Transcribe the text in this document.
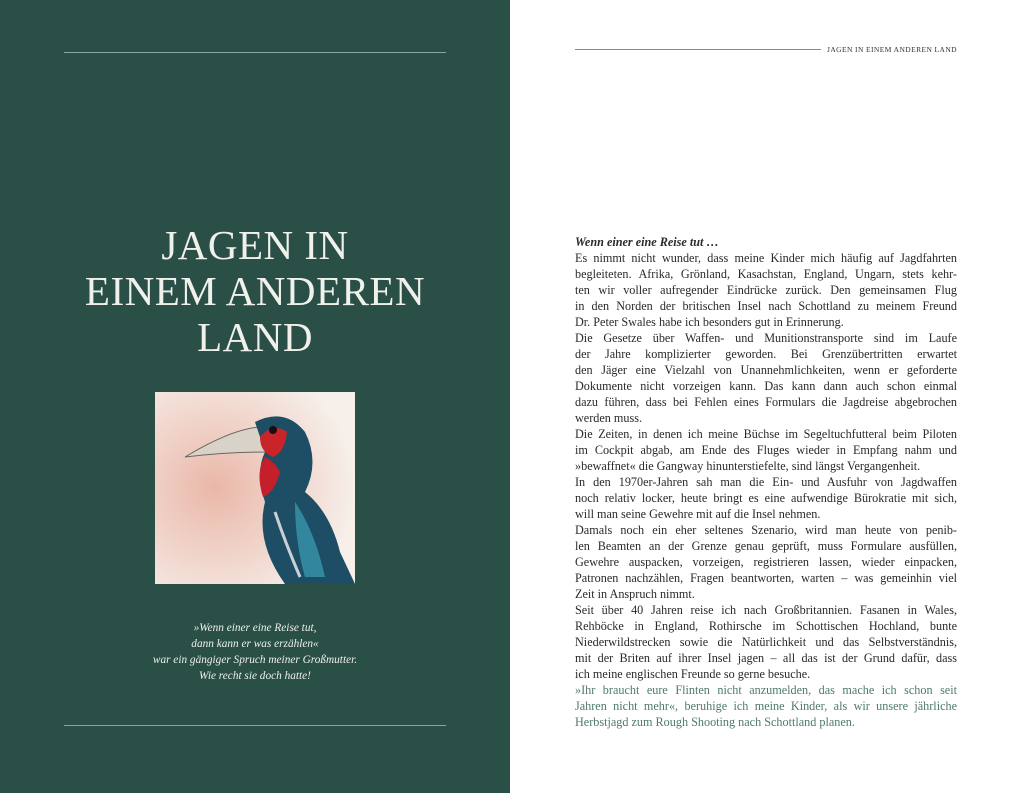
JAGEN IN
EINEM ANDEREN
LAND
»Wenn einer eine Reise tut,
dann kann er was erzählen«
war ein gängiger Spruch meiner Großmutter.
Wie recht sie doch hatte!
JAGEN IN EINEM ANDEREN LAND
Wenn einer eine Reise tut …
Es nimmt nicht wunder, dass meine Kinder mich häufig auf Jagdfahrten
begleiteten. Afrika, Grönland, Kasachstan, England, Ungarn, stets kehr-
ten wir voller aufregender Eindrücke zurück. Den gemeinsamen Flug
in den Norden der britischen Insel nach Schottland zu meinem Freund
Dr. Peter Swales habe ich besonders gut in Erinnerung.
Die Gesetze über Waffen- und Munitionstransporte sind im Laufe
der Jahre komplizierter geworden. Bei Grenzübertritten erwartet
den Jäger eine Vielzahl von Unannehmlichkeiten, wenn er geforderte
Dokumente nicht vorzeigen kann. Das kann dann auch schon einmal
dazu führen, dass bei Fehlen eines Formulars die Jagdreise abgebrochen
werden muss.
Die Zeiten, in denen ich meine Büchse im Segeltuchfutteral beim Piloten
im Cockpit abgab, am Ende des Fluges wieder in Empfang nahm und
»bewaffnet« die Gangway hinunterstiefelte, sind längst Vergangenheit.
In den 1970er-Jahren sah man die Ein- und Ausfuhr von Jagdwaffen
noch relativ locker, heute bringt es eine aufwendige Bürokratie mit sich,
will man seine Gewehre mit auf die Insel nehmen.
Damals noch ein eher seltenes Szenario, wird man heute von penib-
len Beamten an der Grenze genau geprüft, muss Formulare ausfüllen,
Gewehre auspacken, vorzeigen, registrieren lassen, wieder einpacken,
Patronen nachzählen, Fragen beantworten, warten – was gemeinhin viel
Zeit in Anspruch nimmt.
Seit über 40 Jahren reise ich nach Großbritannien. Fasanen in Wales,
Rehböcke in England, Rothirsche im Schottischen Hochland, bunte
Niederwildstrecken sowie die Natürlichkeit und das Selbstverständnis,
mit der Briten auf ihrer Insel jagen – all das ist der Grund dafür, dass
ich meine englischen Freunde so gerne besuche.
»Ihr braucht eure Flinten nicht anzumelden, das mache ich schon seit
Jahren nicht mehr«, beruhige ich meine Kinder, als wir unsere jährliche
Herbstjagd zum Rough Shooting nach Schottland planen.
